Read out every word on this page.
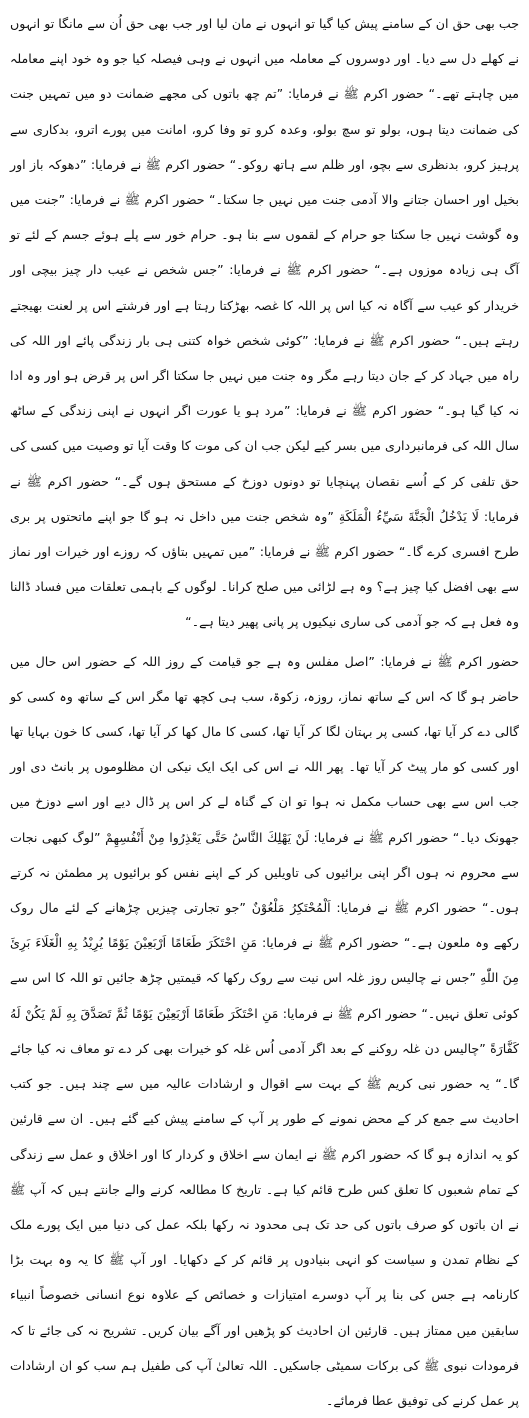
جب بھی حق ان کے سامنے پیش کیا گیا تو انہوں نے مان لیا اور جب بھی حق اُن سے مانگا تو انہوں نے کھلے دل سے دیا۔ اور دوسروں کے معاملہ میں انہوں نے وہی فیصلہ کیا جو وہ خود اپنے معاملہ میں چاہتے تھے۔“ حضور اکرم ﷺ نے فرمایا: ”تم چھ باتوں کی مجھے ضمانت دو میں تمہیں جنت کی ضمانت دیتا ہوں، بولو تو سچ بولو، وعدہ کرو تو وفا کرو، امانت میں پورے اترو، بدکاری سے پرہیز کرو، بدنظری سے بچو، اور ظلم سے ہاتھ روکو۔“ حضور اکرم ﷺ نے فرمایا: ”دھوکہ باز اور بخیل اور احسان جتانے والا آدمی جنت میں نہیں جا سکتا۔“ حضور اکرم ﷺ نے فرمایا: ”جنت میں وہ گوشت نہیں جا سکتا جو حرام کے لقموں سے بنا ہو۔ حرام خور سے پلے ہوئے جسم کے لئے تو آگ ہی زیادہ موزوں ہے۔“ حضور اکرم ﷺ نے فرمایا: ”جس شخص نے عیب دار چیز بیچی اور خریدار کو عیب سے آگاہ نہ کیا اس پر اللہ کا غصہ بھڑکتا رہتا ہے اور فرشتے اس پر لعنت بھیجتے رہتے ہیں۔“ حضور اکرم ﷺ نے فرمایا: ”کوئی شخص خواہ کتنی ہی بار زندگی پائے اور اللہ کی راہ میں جہاد کر کے جان دیتا رہے مگر وہ جنت میں نہیں جا سکتا اگر اس پر قرض ہو اور وہ ادا نہ کیا گیا ہو۔“ حضور اکرم ﷺ نے فرمایا: ”مرد ہو یا عورت اگر انہوں نے اپنی زندگی کے ساٹھ سال اللہ کی فرمانبرداری میں بسر کیے لیکن جب ان کی موت کا وقت آیا تو وصیت میں کسی کی حق تلفی کر کے اُسے نقصان پہنچایا تو دونوں دوزخ کے مستحق ہوں گے۔“ حضور اکرم ﷺ نے فرمایا: لَا يَدْخُلُ الْجَنَّةَ سَيِّءُ الْمَلَكَةِ ”وہ شخص جنت میں داخل نہ ہو گا جو اپنے ماتحتوں پر بری طرح افسری کرے گا۔“ حضور اکرم ﷺ نے فرمایا: ”میں تمہیں بتاؤں کہ روزے اور خیرات اور نماز سے بھی افضل کیا چیز ہے؟ وہ ہے لڑائی میں صلح کرانا۔ لوگوں کے باہمی تعلقات میں فساد ڈالنا وہ فعل ہے کہ جو آدمی کی ساری نیکیوں پر پانی پھیر دیتا ہے۔“

حضور اکرم ﷺ نے فرمایا: ”اصل مفلس وہ ہے جو قیامت کے روز اللہ کے حضور اس حال میں حاضر ہو گا کہ اس کے ساتھ نماز، روزہ، زکوۃ، سب ہی کچھ تھا مگر اس کے ساتھ وہ کسی کو گالی دے کر آیا تھا، کسی پر بہتان لگا کر آیا تھا، کسی کا مال کھا کر آیا تھا، کسی کا خون بہایا تھا اور کسی کو مار پیٹ کر آیا تھا۔ پھر اللہ نے اس کی ایک ایک نیکی ان مظلوموں پر بانٹ دی اور جب اس سے بھی حساب مکمل نہ ہوا تو ان کے گناہ لے کر اس پر ڈال دیے اور اسے دوزخ میں جھونک دیا۔“ حضور اکرم ﷺ نے فرمایا: لَنْ يَهْلِكَ النَّاسُ حَتَّى يَعْذِرُوا مِنْ أَنْفُسِهِمْ ”لوگ کبھی نجات سے محروم نہ ہوں اگر اپنی برائیوں کی تاویلیں کر کے اپنے نفس کو برائیوں پر مطمئن نہ کرتے ہوں۔“ حضور اکرم ﷺ نے فرمایا: اَلْمُحْتَكِرُ مَلْعُوْنٌ ”جو تجارتی چیزیں چڑھانے کے لئے مال روک رکھے وہ ملعون ہے۔“ حضور اکرم ﷺ نے فرمایا: مَنِ احْتَكَرَ طَعَامًا اَرْبَعِيْنَ يَوْمًا يُرِيْدُ بِهِ الْغَلَاءَ بَرِئَ مِنَ اللّٰهِ ”جس نے چالیس روز غلہ اس نیت سے روک رکھا کہ قیمتیں چڑھ جائیں تو اللہ کا اس سے کوئی تعلق نہیں۔“ حضور اکرم ﷺ نے فرمایا: مَنِ احْتَكَرَ طَعَامًا اَرْبَعِيْنَ يَوْمًا ثُمَّ تَصَدَّقَ بِهِ لَمْ يَكُنْ لَهُ كَفَّارَةً ”چالیس دن غلہ روکنے کے بعد اگر آدمی اُس غلہ کو خیرات بھی کر دے تو معاف نہ کیا جائے گا۔“ یہ حضور نبی کریم ﷺ کے بہت سے اقوال و ارشادات عالیہ میں سے چند ہیں۔ جو کتب احادیث سے جمع کر کے محض نمونے کے طور پر آپ کے سامنے پیش کیے گئے ہیں۔ ان سے قارئین کو یہ اندازہ ہو گا کہ حضور اکرم ﷺ نے ایمان سے اخلاق و کردار کا اور اخلاق و عمل سے زندگی کے تمام شعبوں کا تعلق کس طرح قائم کیا ہے۔ تاریخ کا مطالعہ کرنے والے جانتے ہیں کہ آپ ﷺ نے ان باتوں کو صرف باتوں کی حد تک ہی محدود نہ رکھا بلکہ عمل کی دنیا میں ایک پورے ملک کے نظام تمدن و سیاست کو انہی بنیادوں پر قائم کر کے دکھایا۔ اور آپ ﷺ کا یہ وہ بہت بڑا کارنامہ ہے جس کی بنا پر آپ دوسرے امتیازات و خصائص کے علاوہ نوع انسانی خصوصاً انبیاء سابقین میں ممتاز ہیں۔ قارئین ان احادیث کو پڑھیں اور آگے بیان کریں۔ تشریح نہ کی جائے تا کہ فرمودات نبوی ﷺ کی برکات سمیٹی جاسکیں۔ اللہ تعالیٰ آپ کی طفیل ہم سب کو ان ارشادات پر عمل کرنے کی توفیق عطا فرمائے۔
